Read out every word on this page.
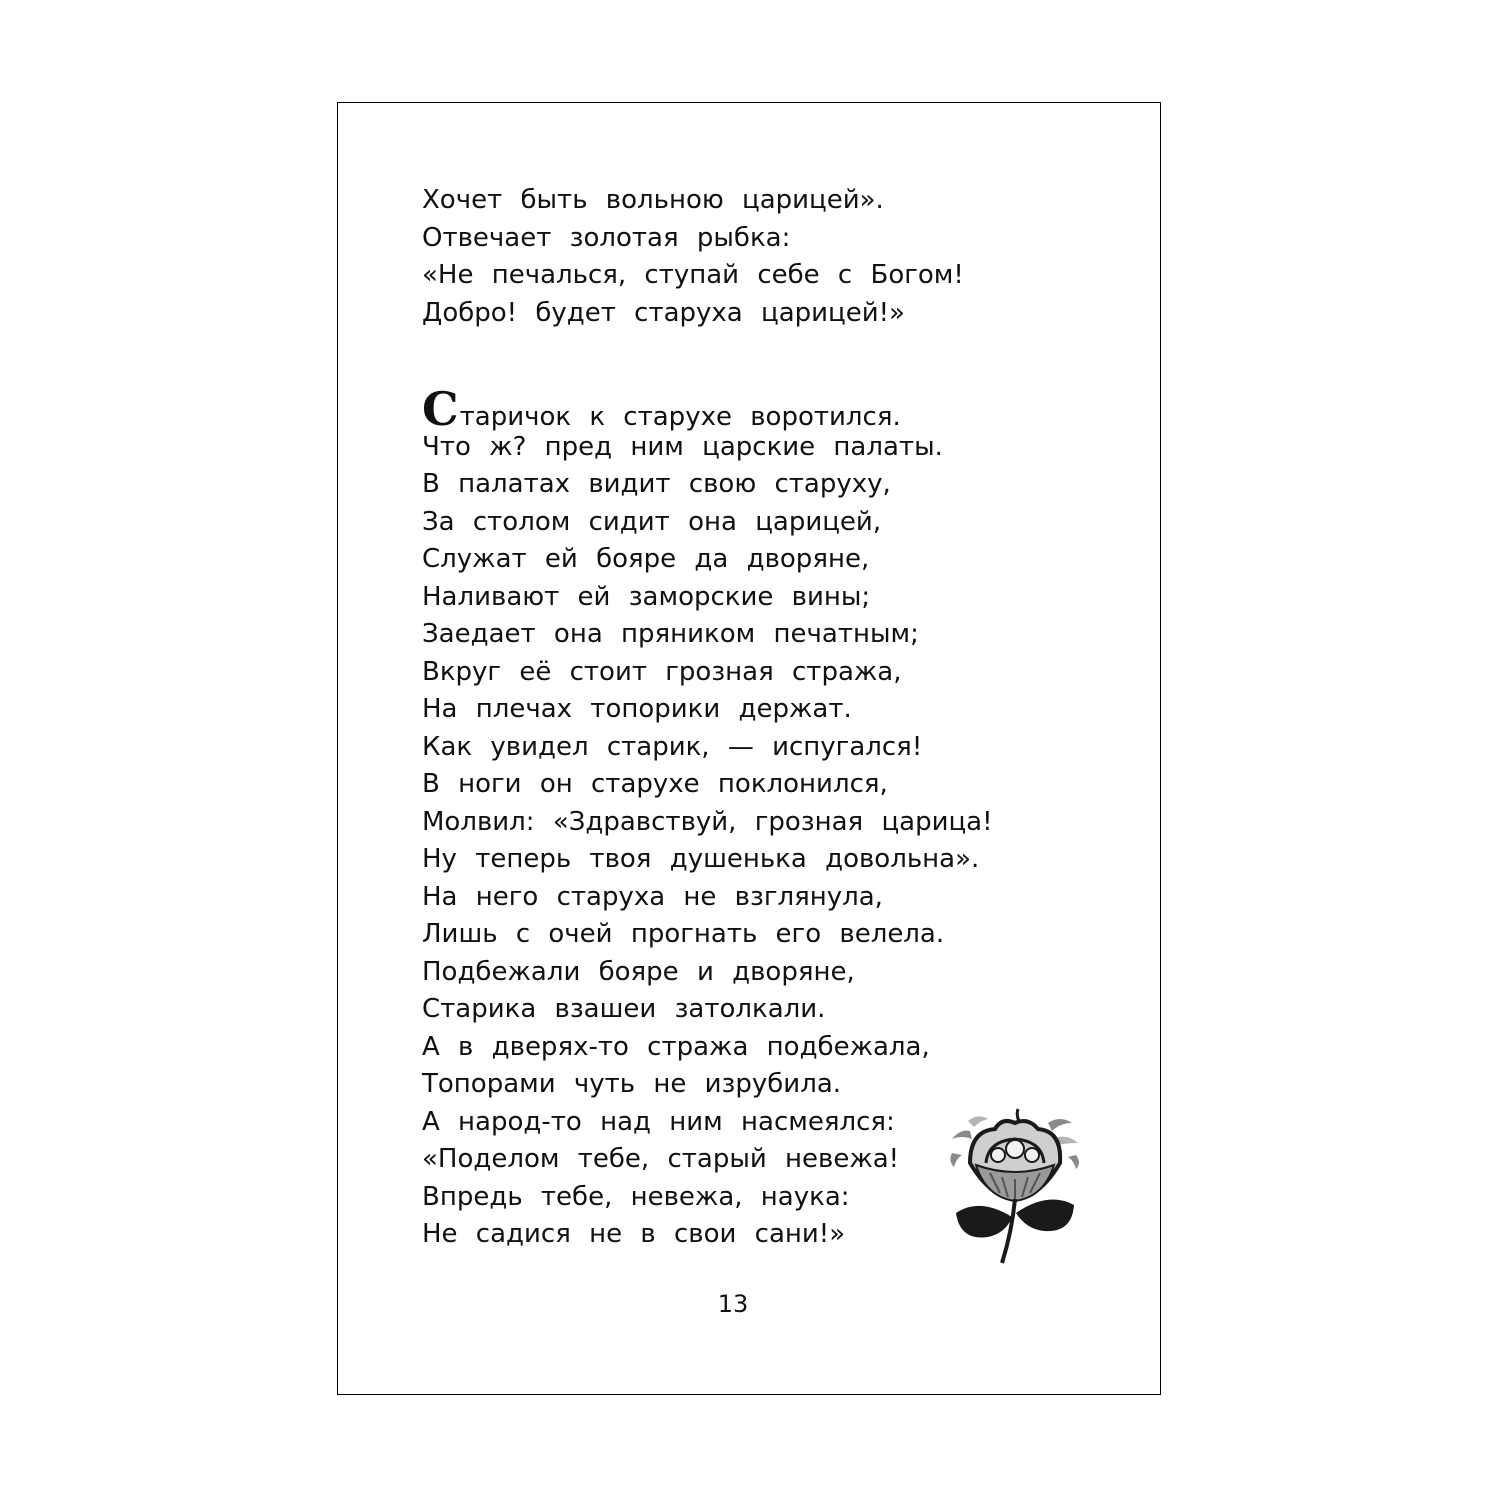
Хочет быть вольною царицей».
Отвечает золотая рыбка:
«Не печалься, ступай себе с Богом!
Добро! будет старуха царицей!»
Старичок к старухе воротился.
Что ж? пред ним царские палаты.
В палатах видит свою старуху,
За столом сидит она царицей,
Служат ей бояре да дворяне,
Наливают ей заморские вины;
Заедает она пряником печатным;
Вкруг её стоит грозная стража,
На плечах топорики держат.
Как увидел старик, — испугался!
В ноги он старухе поклонился,
Молвил: «Здравствуй, грозная царица!
Ну теперь твоя душенька довольна».
На него старуха не взглянула,
Лишь с очей прогнать его велела.
Подбежали бояре и дворяне,
Старика взашеи затолкали.
А в дверях-то стража подбежала,
Топорами чуть не изрубила.
А народ-то над ним насмеялся:
«Поделом тебе, старый невежа!
Впредь тебе, невежа, наука:
Не садися не в свои сани!»
13
